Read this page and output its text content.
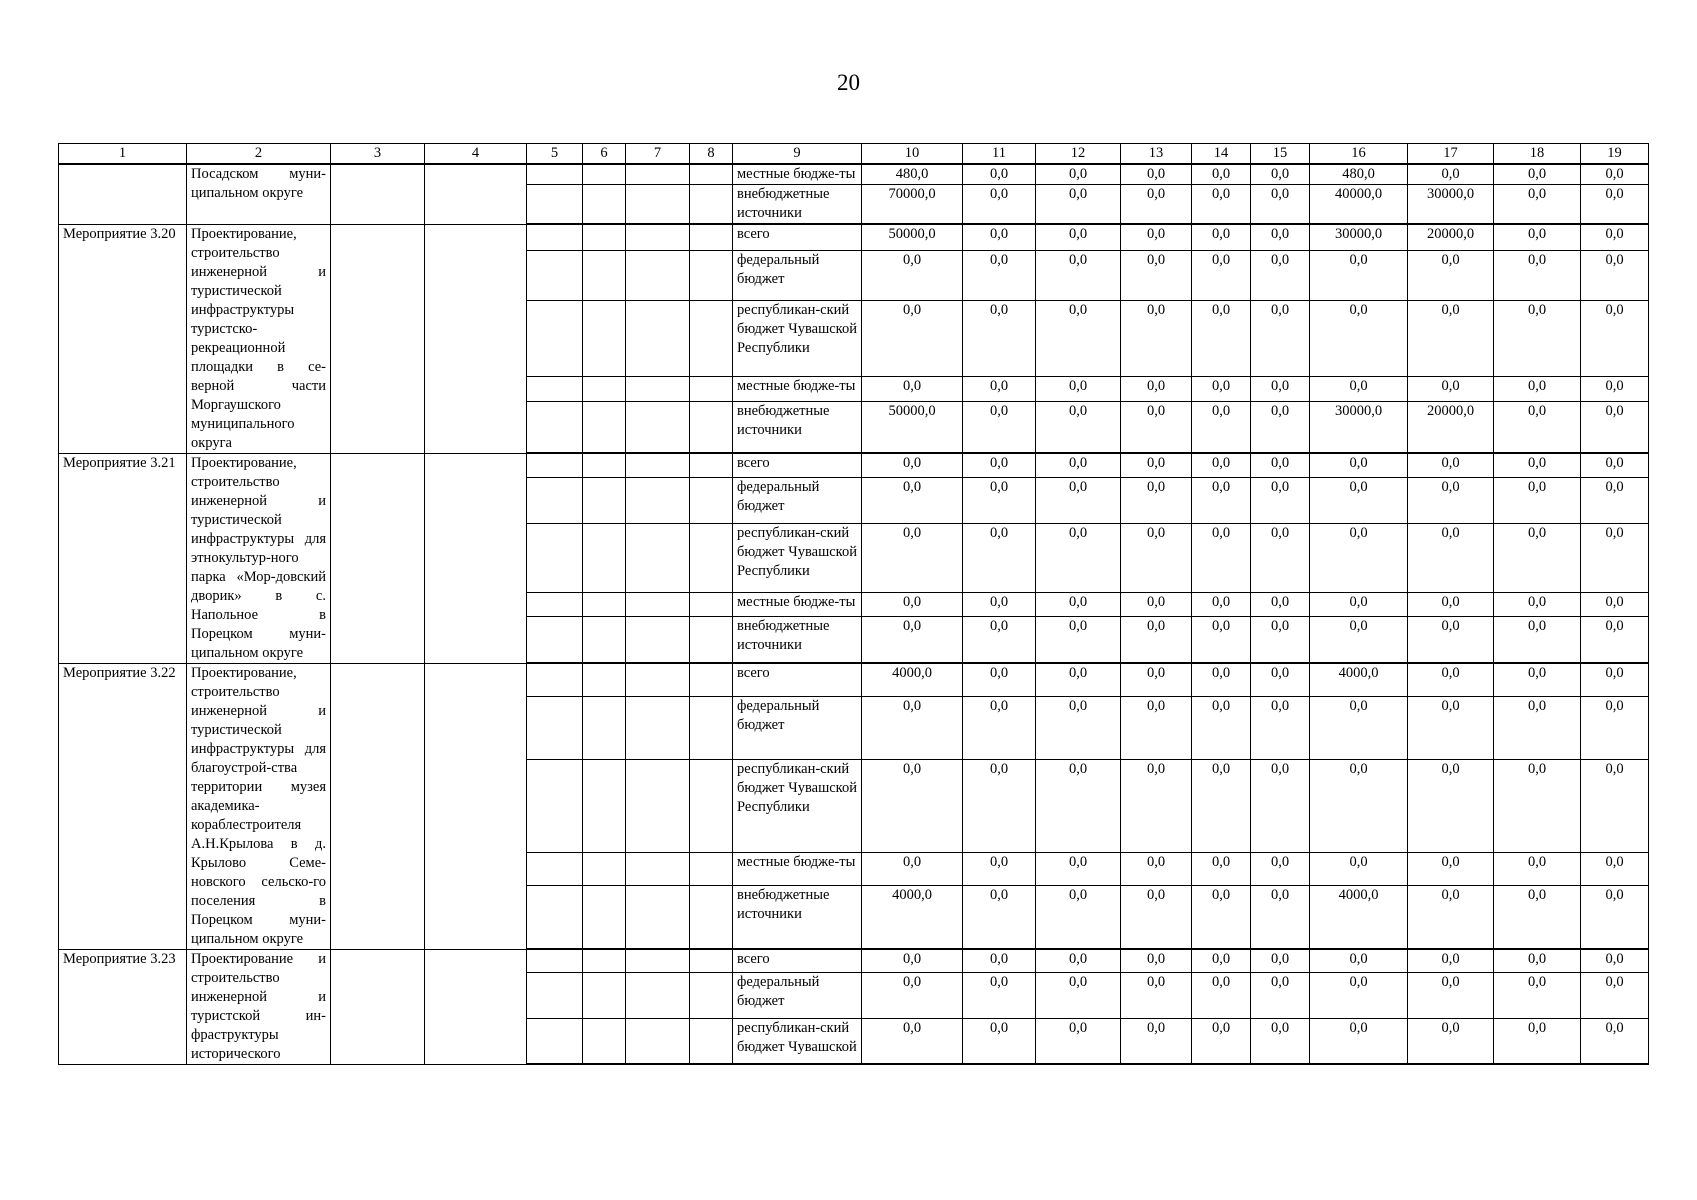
20
1	2	3	4	5	6	7	8	9	10	11	12	13	14	15	16	17	18	19
	Посадском муни-ципальном округе							местные бюдже-ты	480,0	0,0	0,0	0,0	0,0	0,0	480,0	0,0	0,0	0,0
								внебюджетные источники	70000,0	0,0	0,0	0,0	0,0	0,0	40000,0	30000,0	0,0	0,0
Мероприятие 3.20	Проектирование, строительство инженерной и туристической инфраструктуры туристско-рекреационной площадки в се-верной части Моргаушского муниципального округа							всего	50000,0	0,0	0,0	0,0	0,0	0,0	30000,0	20000,0	0,0	0,0
								федеральный бюджет	0,0	0,0	0,0	0,0	0,0	0,0	0,0	0,0	0,0	0,0
								республикан-ский бюджет Чувашской Республики	0,0	0,0	0,0	0,0	0,0	0,0	0,0	0,0	0,0	0,0
								местные бюдже-ты	0,0	0,0	0,0	0,0	0,0	0,0	0,0	0,0	0,0	0,0
								внебюджетные источники	50000,0	0,0	0,0	0,0	0,0	0,0	30000,0	20000,0	0,0	0,0
Мероприятие 3.21	Проектирование, строительство инженерной и туристической инфраструктуры для этнокультур-ного парка «Мор-довский дворик» в с. Напольное в Порецком муни-ципальном округе							всего	0,0	0,0	0,0	0,0	0,0	0,0	0,0	0,0	0,0	0,0
								федеральный бюджет	0,0	0,0	0,0	0,0	0,0	0,0	0,0	0,0	0,0	0,0
								республикан-ский бюджет Чувашской Республики	0,0	0,0	0,0	0,0	0,0	0,0	0,0	0,0	0,0	0,0
								местные бюдже-ты	0,0	0,0	0,0	0,0	0,0	0,0	0,0	0,0	0,0	0,0
								внебюджетные источники	0,0	0,0	0,0	0,0	0,0	0,0	0,0	0,0	0,0	0,0
Мероприятие 3.22	Проектирование, строительство инженерной и туристической инфраструктуры для благоустрой-ства территории музея академика-кораблестроителя А.Н.Крылова в д. Крылово Семе-новского сельско-го поселения в Порецком муни-ципальном округе							всего	4000,0	0,0	0,0	0,0	0,0	0,0	4000,0	0,0	0,0	0,0
								федеральный бюджет	0,0	0,0	0,0	0,0	0,0	0,0	0,0	0,0	0,0	0,0
								республикан-ский бюджет Чувашской Республики	0,0	0,0	0,0	0,0	0,0	0,0	0,0	0,0	0,0	0,0
								местные бюдже-ты	0,0	0,0	0,0	0,0	0,0	0,0	0,0	0,0	0,0	0,0
								внебюджетные источники	4000,0	0,0	0,0	0,0	0,0	0,0	4000,0	0,0	0,0	0,0
Мероприятие 3.23	Проектирование и строительство инженерной и туристской ин-фраструктуры исторического							всего	0,0	0,0	0,0	0,0	0,0	0,0	0,0	0,0	0,0	0,0
								федеральный бюджет	0,0	0,0	0,0	0,0	0,0	0,0	0,0	0,0	0,0	0,0
								республикан-ский бюджет Чувашской	0,0	0,0	0,0	0,0	0,0	0,0	0,0	0,0	0,0	0,0
